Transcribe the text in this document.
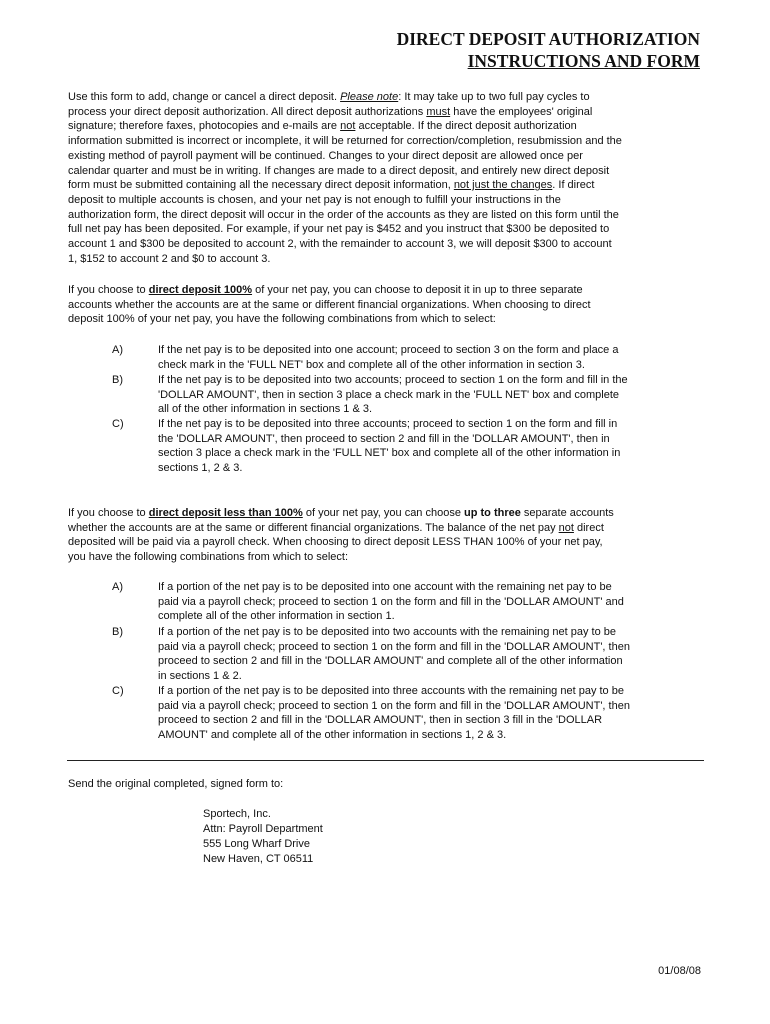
DIRECT DEPOSIT AUTHORIZATION
INSTRUCTIONS AND FORM
Use this form to add, change or cancel a direct deposit. Please note: It may take up to two full pay cycles to
process your direct deposit authorization. All direct deposit authorizations must have the employees' original
signature; therefore faxes, photocopies and e-mails are not acceptable. If the direct deposit authorization
information submitted is incorrect or incomplete, it will be returned for correction/completion, resubmission and the
existing method of payroll payment will be continued. Changes to your direct deposit are allowed once per
calendar quarter and must be in writing. If changes are made to a direct deposit, and entirely new direct deposit
form must be submitted containing all the necessary direct deposit information, not just the changes. If direct
deposit to multiple accounts is chosen, and your net pay is not enough to fulfill your instructions in the
authorization form, the direct deposit will occur in the order of the accounts as they are listed on this form until the
full net pay has been deposited. For example, if your net pay is $452 and you instruct that $300 be deposited to
account 1 and $300 be deposited to account 2, with the remainder to account 3, we will deposit $300 to account
1, $152 to account 2 and $0 to account 3.
If you choose to direct deposit 100% of your net pay, you can choose to deposit it in up to three separate
accounts whether the accounts are at the same or different financial organizations. When choosing to direct
deposit 100% of your net pay, you have the following combinations from which to select:
A)	If the net pay is to be deposited into one account; proceed to section 3 on the form and place a
check mark in the 'FULL NET' box and complete all of the other information in section 3.
B)	If the net pay is to be deposited into two accounts; proceed to section 1 on the form and fill in the
'DOLLAR AMOUNT', then in section 3 place a check mark in the 'FULL NET' box and complete
all of the other information in sections 1 & 3.
C)	If the net pay is to be deposited into three accounts; proceed to section 1 on the form and fill in
the 'DOLLAR AMOUNT', then proceed to section 2 and fill in the 'DOLLAR AMOUNT', then in
section 3 place a check mark in the 'FULL NET' box and complete all of the other information in
sections 1, 2 & 3.
If you choose to direct deposit less than 100% of your net pay, you can choose up to three separate accounts
whether the accounts are at the same or different financial organizations. The balance of the net pay not direct
deposited will be paid via a payroll check. When choosing to direct deposit LESS THAN 100% of your net pay,
you have the following combinations from which to select:
A)	If a portion of the net pay is to be deposited into one account with the remaining net pay to be
paid via a payroll check; proceed to section 1 on the form and fill in the 'DOLLAR AMOUNT' and
complete all of the other information in section 1.
B)	If a portion of the net pay is to be deposited into two accounts with the remaining net pay to be
paid via a payroll check; proceed to section 1 on the form and fill in the 'DOLLAR AMOUNT', then
proceed to section 2 and fill in the 'DOLLAR AMOUNT' and complete all of the other information
in sections 1 & 2.
C)	If a portion of the net pay is to be deposited into three accounts with the remaining net pay to be
paid via a payroll check; proceed to section 1 on the form and fill in the 'DOLLAR AMOUNT', then
proceed to section 2 and fill in the 'DOLLAR AMOUNT', then in section 3 fill in the 'DOLLAR
AMOUNT' and complete all of the other information in sections 1, 2 & 3.
Send the original completed, signed form to:
Sportech, Inc.
Attn: Payroll Department
555 Long Wharf Drive
New Haven, CT 06511
01/08/08
